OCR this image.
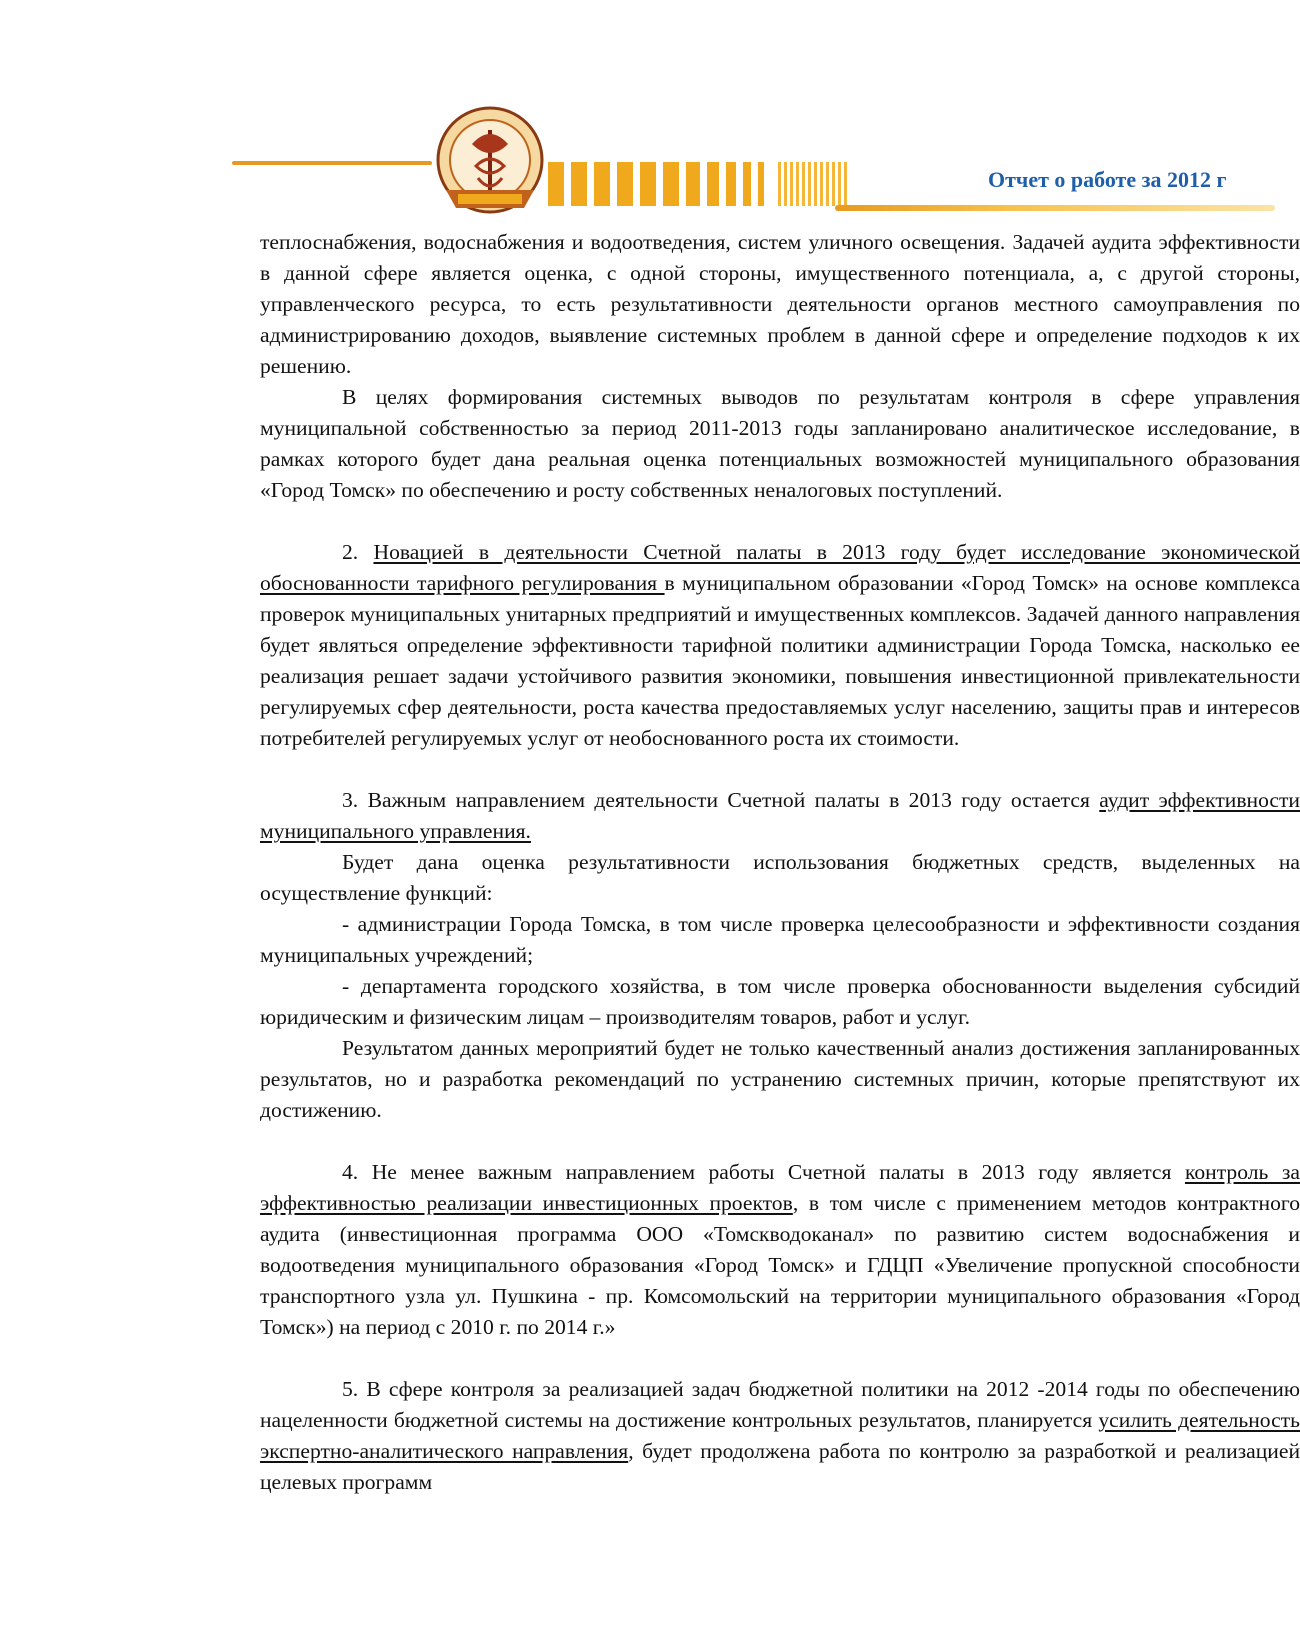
Отчет о работе за 2012 г

теплоснабжения, водоснабжения и водоотведения, систем уличного освещения. Задачей аудита эффективности в данной сфере является оценка, с одной стороны, имущественного потенциала, а, с другой стороны, управленческого ресурса, то есть результативности деятельности органов местного самоуправления по администрированию доходов, выявление системных проблем в данной сфере и определение подходов к их решению.

В целях формирования системных выводов по результатам контроля в сфере управления муниципальной собственностью за период 2011-2013 годы запланировано аналитическое исследование, в рамках которого будет дана реальная оценка потенциальных возможностей муниципального образования «Город Томск» по обеспечению и росту собственных неналоговых поступлений.

2. Новацией в деятельности Счетной палаты в 2013 году будет исследование экономической обоснованности тарифного регулирования в муниципальном образовании «Город Томск» на основе комплекса проверок муниципальных унитарных предприятий и имущественных комплексов. Задачей данного направления будет являться определение эффективности тарифной политики администрации Города Томска, насколько ее реализация решает задачи устойчивого развития экономики, повышения инвестиционной привлекательности регулируемых сфер деятельности, роста качества предоставляемых услуг населению, защиты прав и интересов потребителей регулируемых услуг от необоснованного роста их стоимости.

3. Важным направлением деятельности Счетной палаты в 2013 году остается аудит эффективности муниципального управления.

Будет дана оценка результативности использования бюджетных средств, выделенных на осуществление функций:

- администрации Города Томска, в том числе проверка целесообразности и эффективности создания муниципальных учреждений;

- департамента городского хозяйства, в том числе проверка обоснованности выделения субсидий юридическим и физическим лицам – производителям товаров, работ и услуг.

Результатом данных мероприятий будет не только качественный анализ достижения запланированных результатов, но и разработка рекомендаций по устранению системных причин, которые препятствуют их достижению.

4. Не менее важным направлением работы Счетной палаты в 2013 году является контроль за эффективностью реализации инвестиционных проектов, в том числе с применением методов контрактного аудита (инвестиционная программа ООО «Томскводоканал» по развитию систем водоснабжения и водоотведения муниципального образования «Город Томск» и ГДЦП «Увеличение пропускной способности транспортного узла ул. Пушкина - пр. Комсомольский на территории муниципального образования «Город Томск») на период с 2010 г. по 2014 г.»

5. В сфере контроля за реализацией задач бюджетной политики на 2012 -2014 годы по обеспечению нацеленности бюджетной системы на достижение контрольных результатов, планируется усилить деятельность экспертно-аналитического направления, будет продолжена работа по контролю за разработкой и реализацией целевых программ
